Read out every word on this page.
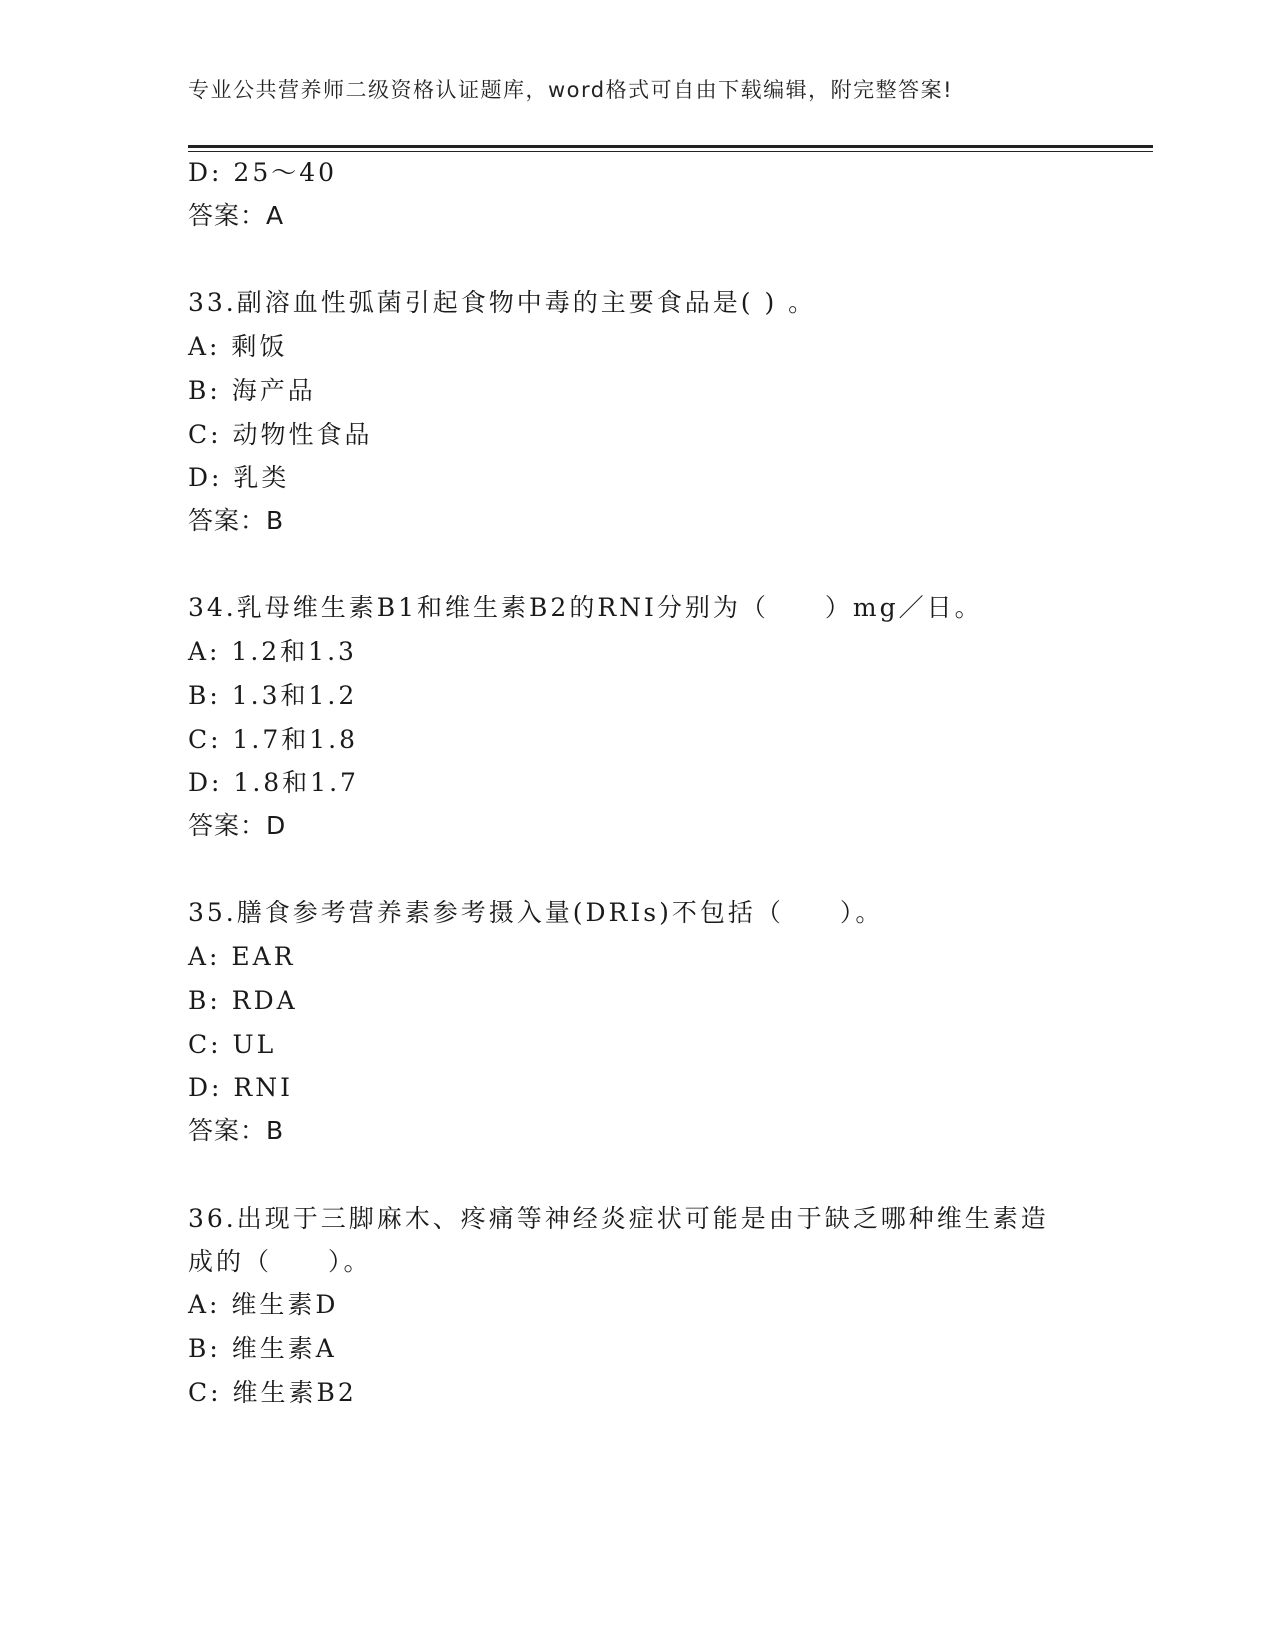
专业公共营养师二级资格认证题库，word格式可自由下载编辑，附完整答案!
D: 25～40
答案：A
33.副溶血性弧菌引起食物中毒的主要食品是( ) 。
A: 剩饭
B: 海产品
C: 动物性食品
D: 乳类
答案：B
34.乳母维生素B1和维生素B2的RNI分别为（　　）mg／日。
A: 1.2和1.3
B: 1.3和1.2
C: 1.7和1.8
D: 1.8和1.7
答案：D
35.膳食参考营养素参考摄入量(DRIs)不包括（　　）。
A: EAR
B: RDA
C: UL
D: RNI
答案：B
36.出现于三脚麻木、疼痛等神经炎症状可能是由于缺乏哪种维生素造
成的（　　）。
A: 维生素D
B: 维生素A
C: 维生素B2
